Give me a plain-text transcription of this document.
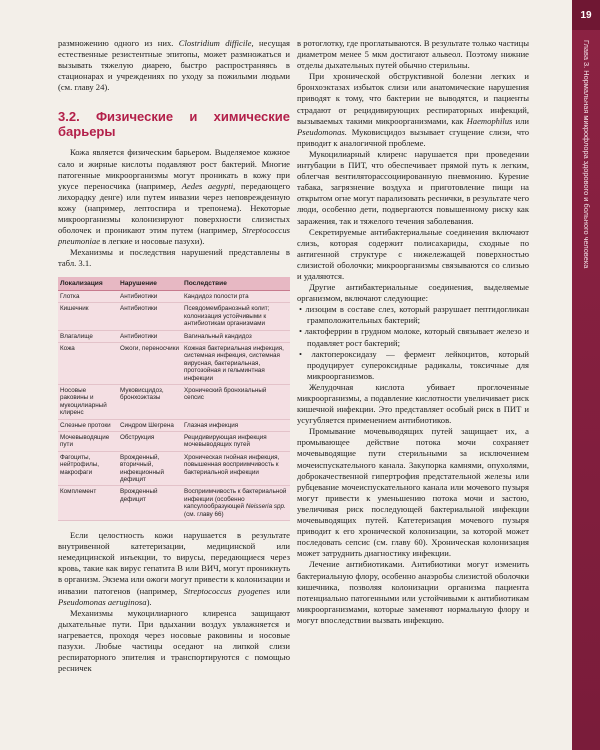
размножению одного из них. Clostridium difficile, несущая естественные резистентные эпитопы, может размножаться и вызывать тяжелую диарею, быстро распространяясь в стационарах и учреждениях по уходу за пожилыми людьми (см. главу 24).

3.2. Физические и химические барьеры

Кожа является физическим барьером. Выделяемое кожное сало и жирные кислоты подавляют рост бактерий. Многие патогенные микроорганизмы могут проникать в кожу при укусе переносчика (например, Aedes aegypti, передающего лихорадку денге) или путем инвазии через неповрежденную кожу (например, лептоспира и трепонема). Некоторые микроорганизмы колонизируют поверхности слизистых оболочек и проникают этим путем (например, Streptococcus pneumoniae в легкие и носовые пазухи).

Механизмы и последствия нарушений представлены в табл. 3.1.

Локализация	Нарушение	Последствие
Глотка	Антибиотики	Кандидоз полости рта
Кишечник	Антибиотики	Псевдомембранозный колит; колонизация устойчивыми к антибиотикам организмами
Влагалище	Антибиотики	Вагинальный кандидоз
Кожа	Ожоги, переносчики	Кожная бактериальная инфекция, системная инфекция, системная вирусная, бактериальная, протозойная и гельминтная инфекции
Носовые раковины и мукоцилиарный клиренс	Муковисцидоз, бронхоэктазы	Хронический бронхиальный сепсис
Слезные протоки	Синдром Шегрена	Глазная инфекция
Мочевыводящие пути	Обструкция	Рецидивирующая инфекция мочевыводящих путей
Фагоциты, нейтрофилы, макрофаги	Врожденный, вторичный, инфекционный дефицит	Хроническая гнойная инфекция, повышенная восприимчивость к бактериальной инфекции
Комплемент	Врожденный дефицит	Восприимчивость к бактериальной инфекции (особенно капсулообразующей Neisseria spp. (см. главу 66)

Если целостность кожи нарушается в результате внутривенной катетеризации, медицинской или немедицинской инъекции, то вирусы, передающиеся через кровь, такие как вирус гепатита B или ВИЧ, могут проникнуть в организм. Экзема или ожоги могут привести к колонизации и инвазии патогенов (например, Streptococcus pyogenes или Pseudomonas aeruginosa).

Механизмы мукоцилиарного клиренса защищают дыхательные пути. При вдыхании воздух увлажняется и нагревается, проходя через носовые раковины и носовые пазухи. Любые частицы оседают на липкой слизи респираторного эпителия и транспортируются с помощью ресничек

в ротоглотку, где проглатываются. В результате только частицы диаметром менее 5 мкм достигают альвеол. Поэтому нижние отделы дыхательных путей обычно стерильны.

При хронической обструктивной болезни легких и бронхоэктазах избыток слизи или анатомические нарушения приводят к тому, что бактерии не выводятся, и пациенты страдают от рецидивирующих респираторных инфекций, вызываемых такими микроорганизмами, как Haemophilus или Pseudomonas. Муковисцидоз вызывает сгущение слизи, что приводит к аналогичной проблеме.

Мукоцилиарный клиренс нарушается при проведении интубации в ПИТ, что обеспечивает прямой путь к легким, облегчая вентиляторассоциированную пневмонию. Курение табака, загрязнение воздуха и приготовление пищи на открытом огне могут парализовать реснички, в результате чего люди, особенно дети, подвергаются повышенному риску как заражения, так и тяжелого течения заболевания.

Секретируемые антибактериальные соединения включают слизь, которая содержит полисахариды, сходные по антигенной структуре с нижележащей поверхностью слизистой оболочки; микроорганизмы связываются со слизью и удаляются.

Другие антибактериальные соединения, выделяемые организмом, включают следующие:

• лизоцим в составе слез, который разрушает пептидогликан грамположительных бактерий;
• лактоферрин в грудном молоке, который связывает железо и подавляет рост бактерий;
• лактопероксидазу — фермент лейкоцитов, который продуцирует супероксидные радикалы, токсичные для микроорганизмов.

Желудочная кислота убивает проглоченные микроорганизмы, а подавление кислотности увеличивает риск кишечной инфекции. Это представляет особый риск в ПИТ и усугубляется применением антибиотиков.

Промывание мочевыводящих путей защищает их, а промывающее действие потока мочи сохраняет мочевыводящие пути стерильными за исключением мочеиспускательного канала. Закупорка камнями, опухолями, доброкачественной гипертрофия предстательной железы или рубцевание мочеиспускательного канала или мочевого пузыря могут привести к уменьшению потока мочи и застою, увеличивая риск последующей бактериальной инфекции мочевыводящих путей. Катетеризация мочевого пузыря приводит к его хронической колонизации, за которой может последовать сепсис (см. главу 60). Хроническая колонизация может затруднить диагностику инфекции.

Лечение антибиотиками. Антибиотики могут изменить бактериальную флору, особенно анаэробы слизистой оболочки кишечника, позволяя колонизации организма пациента потенциально патогенными или устойчивыми к антибиотикам микроорганизмами, которые заменяют нормальную флору и могут впоследствии вызвать инфекцию.

19
Глава 3. Нормальная микрофлора здорового и больного человека
